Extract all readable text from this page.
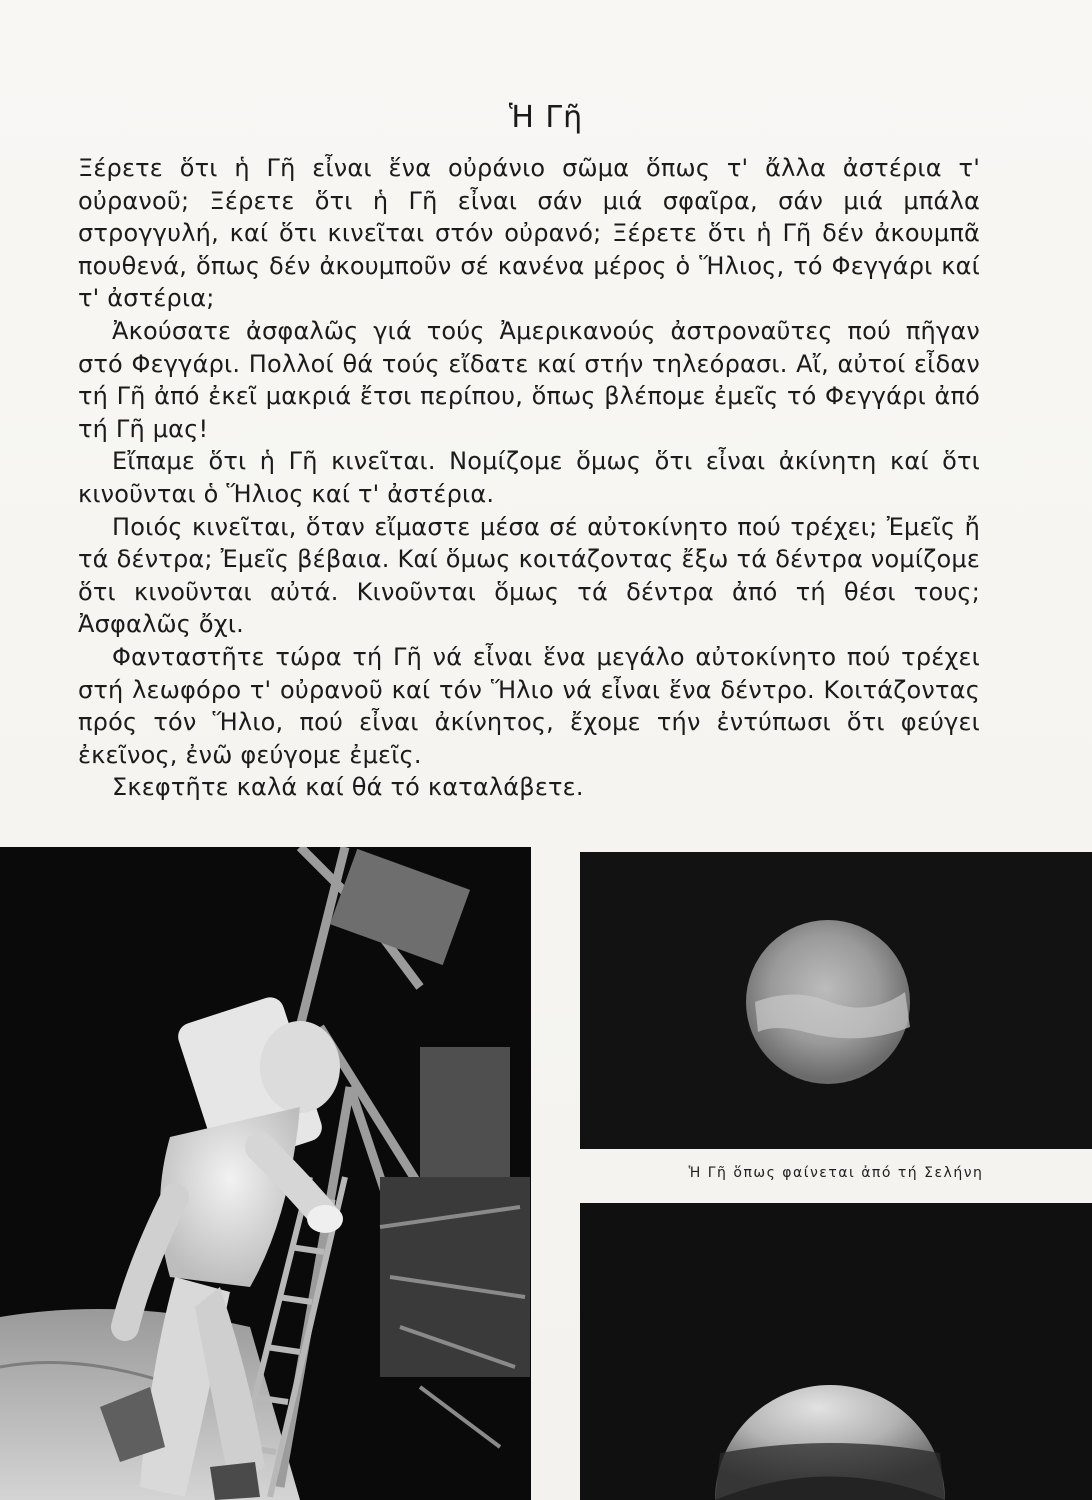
Ἡ Γῆ

Ξέρετε ὅτι ἡ Γῆ εἶναι ἕνα οὐράνιο σῶμα ὅπως τ' ἄλλα ἀστέρια τ' οὐρανοῦ; Ξέρετε ὅτι ἡ Γῆ εἶναι σάν μιά σφαῖρα, σάν μιά μπάλα στρογγυλή, καί ὅτι κινεῖται στόν οὐρανό; Ξέρετε ὅτι ἡ Γῆ δέν ἀκουμπᾶ πουθενά, ὅπως δέν ἀκουμποῦν σέ κανένα μέρος ὁ Ἥλιος, τό Φεγγάρι καί τ' ἀστέρια;

Ἀκούσατε ἀσφαλῶς γιά τούς Ἀμερικανούς ἀστροναῦτες πού πῆγαν στό Φεγγάρι. Πολλοί θά τούς εἴδατε καί στήν τηλεόρασι. Αἴ, αὐτοί εἶδαν τή Γῆ ἀπό ἐκεῖ μακριά ἔτσι περίπου, ὅπως βλέπομε ἐμεῖς τό Φεγγάρι ἀπό τή Γῆ μας!

Εἴπαμε ὅτι ἡ Γῆ κινεῖται. Νομίζομε ὅμως ὅτι εἶναι ἀκίνητη καί ὅτι κινοῦνται ὁ Ἥλιος καί τ' ἀστέρια.

Ποιός κινεῖται, ὅταν εἴμαστε μέσα σέ αὐτοκίνητο πού τρέχει; Ἐμεῖς ἤ τά δέντρα; Ἐμεῖς βέβαια. Καί ὅμως κοιτάζοντας ἔξω τά δέντρα νομίζομε ὅτι κινοῦνται αὐτά. Κινοῦνται ὅμως τά δέντρα ἀπό τή θέσι τους; Ἀσφαλῶς ὄχι.

Φανταστῆτε τώρα τή Γῆ νά εἶναι ἕνα μεγάλο αὐτοκίνητο πού τρέχει στή λεωφόρο τ' οὐρανοῦ καί τόν Ἥλιο νά εἶναι ἕνα δέντρο. Κοιτάζοντας πρός τόν Ἥλιο, πού εἶναι ἀκίνητος, ἔχομε τήν ἐντύπωσι ὅτι φεύγει ἐκεῖνος, ἐνῶ φεύγομε ἐμεῖς.

Σκεφτῆτε καλά καί θά τό καταλάβετε.

Ἡ Γῆ ὅπως φαίνεται ἀπό τή Σελήνη
